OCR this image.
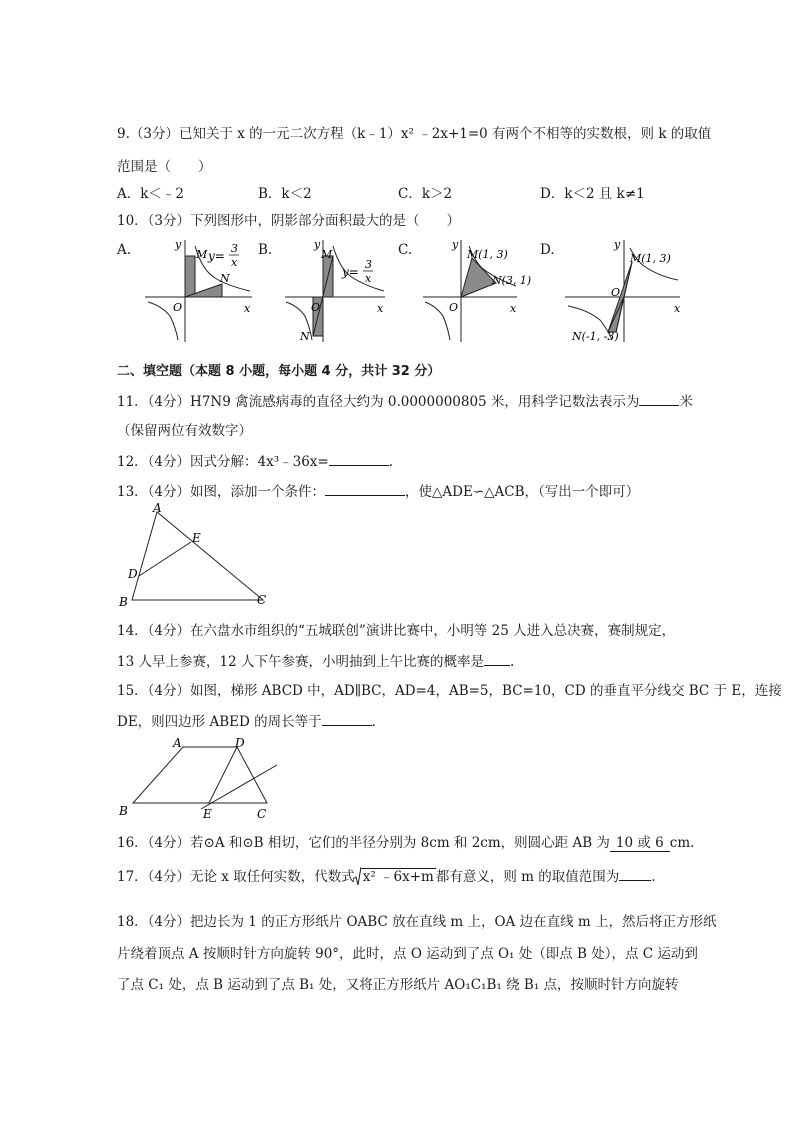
9.（3分）已知关于 x 的一元二次方程（k﹣1）x² ﹣2x+1=0 有两个不相等的实数根，则 k 的取值
范围是（　　）
A．k＜﹣2	B．k＜2	C．k＞2	D．k＜2 且 k≠1
10．（3分）下列图形中，阴影部分面积最大的是（　　）
A.	B.	C.	D.
y
x
O
M
N
y=
3
x
y
x
O
M
N
y=
3
x
y
x
O
M(1, 3)
N(3, 1)
y
x
O
M(1, 3)
N(-1, -3)
二、填空题（本题 8 小题，每小题 4 分，共计 32 分）
11．（4分）H7N9 禽流感病毒的直径大约为 0.0000000805 米，用科学记数法表示为	米
（保留两位有效数字）
12．（4分）因式分解：4x³﹣36x=	.
13．（4分）如图，添加一个条件：	，使△ADE∽△ACB，（写出一个即可）
A
B	C
D
E
14．（4分）在六盘水市组织的“五城联创”演讲比赛中，小明等 25 人进入总决赛，赛制规定，
13 人早上参赛，12 人下午参赛，小明抽到上午比赛的概率是 .
15．（4分）如图，梯形 ABCD 中，AD∥BC，AD=4，AB=5，BC=10，CD 的垂直平分线交 BC 于 E，连接
DE，则四边形 ABED 的周长等于	.
A	D
B	E	C
16．（4分）若⊙A 和⊙B 相切，它们的半径分别为 8cm 和 2cm，则圆心距 AB 为 10 或 6 cm.
17．（4分）无论 x 取任何实数，代数式 x² ﹣6x+m 都有意义，则 m 的取值范围为 .
18．（4分）把边长为 1 的正方形纸片 OABC 放在直线 m 上，OA 边在直线 m 上，然后将正方形纸
片绕着顶点 A 按顺时针方向旋转 90°，此时，点 O 运动到了点 O₁ 处（即点 B 处），点 C 运动到
了点 C₁ 处，点 B 运动到了点 B₁ 处，又将正方形纸片 AO₁C₁B₁ 绕 B₁ 点，按顺时针方向旋转
